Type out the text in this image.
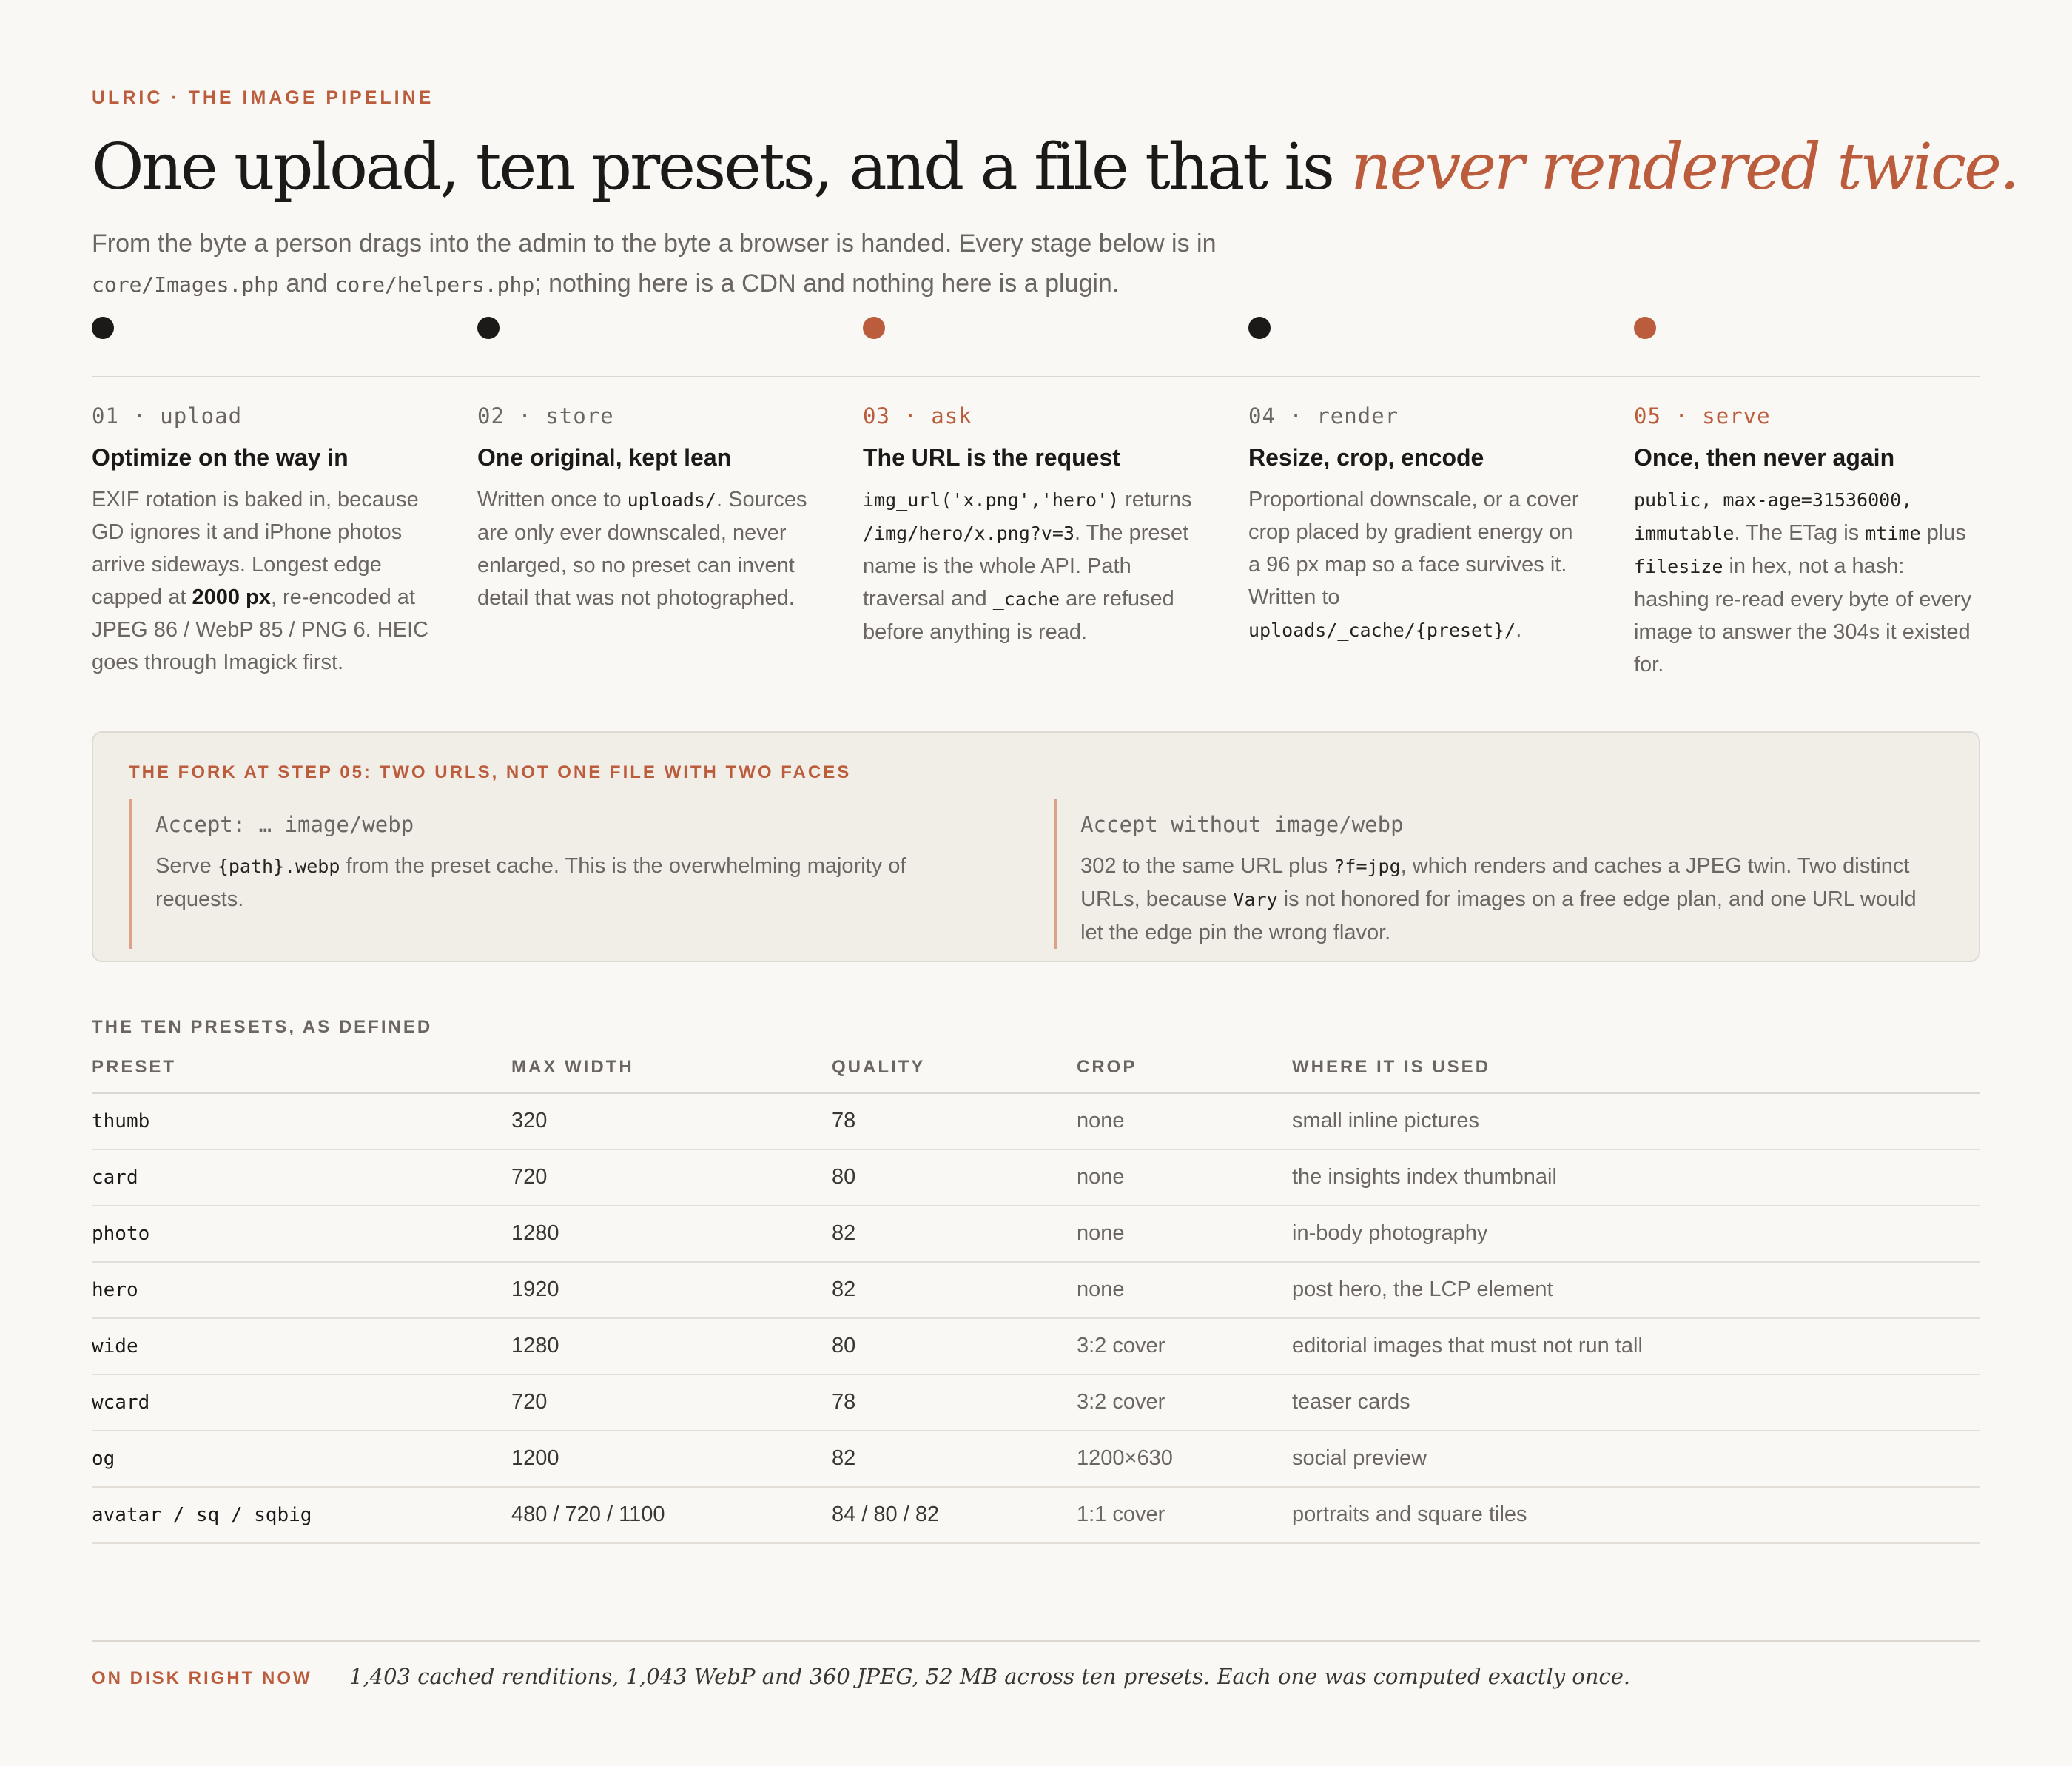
ULRIC · THE IMAGE PIPELINE

One upload, ten presets, and a file that is never rendered twice.

From the byte a person drags into the admin to the byte a browser is handed. Every stage below is in core/Images.php and core/helpers.php; nothing here is a CDN and nothing here is a plugin.

01 · upload

Optimize on the way in

EXIF rotation is baked in, because GD ignores it and iPhone photos arrive sideways. Longest edge capped at 2000 px, re-encoded at JPEG 86 / WebP 85 / PNG 6. HEIC goes through Imagick first.

02 · store

One original, kept lean

Written once to uploads/. Sources are only ever downscaled, never enlarged, so no preset can invent detail that was not photographed.

03 · ask

The URL is the request

img_url('x.png','hero') returns /img/hero/x.png?v=3. The preset name is the whole API. Path traversal and _cache are refused before anything is read.

04 · render

Resize, crop, encode

Proportional downscale, or a cover crop placed by gradient energy on a 96 px map so a face survives it. Written to uploads/_cache/{preset}/.

05 · serve

Once, then never again

public, max-age=31536000, immutable. The ETag is mtime plus filesize in hex, not a hash: hashing re-read every byte of every image to answer the 304s it existed for.

THE FORK AT STEP 05: TWO URLS, NOT ONE FILE WITH TWO FACES

Accept: … image/webp

Serve {path}.webp from the preset cache. This is the overwhelming majority of requests.

Accept without image/webp

302 to the same URL plus ?f=jpg, which renders and caches a JPEG twin. Two distinct URLs, because Vary is not honored for images on a free edge plan, and one URL would let the edge pin the wrong flavor.

THE TEN PRESETS, AS DEFINED

PRESET	MAX WIDTH	QUALITY	CROP	WHERE IT IS USED
thumb	320	78	none	small inline pictures
card	720	80	none	the insights index thumbnail
photo	1280	82	none	in-body photography
hero	1920	82	none	post hero, the LCP element
wide	1280	80	3:2 cover	editorial images that must not run tall
wcard	720	78	3:2 cover	teaser cards
og	1200	82	1200×630	social preview
avatar / sq / sqbig	480 / 720 / 1100	84 / 80 / 82	1:1 cover	portraits and square tiles
ON DISK RIGHT NOW	1,403 cached renditions, 1,043 WebP and 360 JPEG, 52 MB across ten presets. Each one was computed exactly once.
